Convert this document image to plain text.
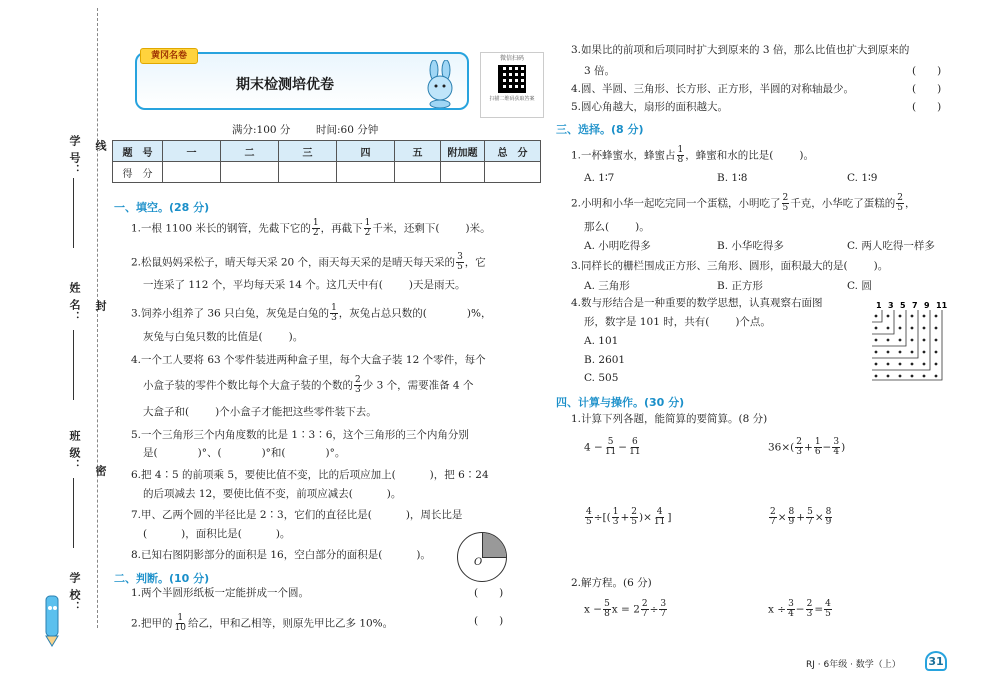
线
封
密
学 号：
姓 名：
班 级：
学 校：
黄冈名卷
期末检测培优卷
微信扫码
扫描二维码获取答案
满分:100 分 时间:60 分钟
题　号	一	二	三	四	五	附加题	总　分
得　分							
一、填空。(28 分)
1.一根 1100 米长的钢管，先截下它的 $\frac{1}{2}$ ，再截下 $\frac{1}{2}$ 千米，还剩下( )米。
2.松鼠妈妈采松子，晴天每天采 20 个，雨天每天采的是晴天每天采的 $\frac{3}{5}$ ，它
一连采了 112 个，平均每天采 14 个。这几天中有( )天是雨天。
3.饲养小组养了 36 只白兔，灰兔是白兔的 $\frac{1}{3}$ ，灰兔占总只数的(	)%，
灰兔与白兔只数的比值是( )。
4.一个工人要将 63 个零件装进两种盒子里，每个大盒子装 12 个零件，每个
小盒子装的零件个数比每个大盒子装的个数的 $\frac{2}{3}$ 少 3 个，需要准备 4 个
大盒子和( )个小盒子才能把这些零件装下去。
5.一个三角形三个内角度数的比是 1∶3∶6，这个三角形的三个内角分别
是(	)°、(	)°和(	)°。
6.把 4∶5 的前项乘 5，要使比值不变，比的后项应加上(	)，把 6∶24
的后项减去 12，要使比值不变，前项应减去(	)。
7.甲、乙两个圆的半径比是 2∶3，它们的直径比是(	)，周长比是
(	)，面积比是(	)。
8.已知右图阴影部分的面积是 16，空白部分的面积是(	)。
O
二、判断。(10 分)
1.两个半圆形纸板一定能拼成一个圆。	(　　)
2.把甲的 $\frac{1}{10}$ 给乙，甲和乙相等，则原先甲比乙多 10%。	(　　)
3.如果比的前项和后项同时扩大到原来的 3 倍，那么比值也扩大到原来的
3 倍。	(　　)
4.圆、半圆、三角形、长方形、正方形，半圆的对称轴最少。	(　　)
5.圆心角越大，扇形的面积越大。	(　　)
三、选择。(8 分)
1.一杯蜂蜜水，蜂蜜占 $\frac{1}{8}$ ，蜂蜜和水的比是( )。
A. 1∶7	B. 1∶8	C. 1∶9
2.小明和小华一起吃完同一个蛋糕，小明吃了 $\frac{2}{5}$ 千克，小华吃了蛋糕的 $\frac{2}{5}$ ，
那么( )。
A. 小明吃得多	B. 小华吃得多	C. 两人吃得一样多
3.同样长的栅栏围成正方形、三角形、圆形，面积最大的是( )。
A. 三角形	B. 正方形	C. 圆
4.数与形结合是一种重要的数学思想，认真观察右面图
形，数字是 101 时，共有( )个点。
A. 101
B. 2601
C. 505
1 3 5 7 9 11
四、计算与操作。(30 分)
1.计算下列各题，能简算的要简算。(8 分)
$4 - \frac{5}{11} - \frac{6}{11}$	$36\times( \frac{2}{3} + \frac{1}{6} - \frac{3}{4}$ )
$\frac{4}{5}$ ÷[( $\frac{1}{3} + \frac{2}{5}$ )× $\frac{4}{11}$ ]	$\frac{2}{7} \times \frac{8}{9} + \frac{5}{7} \times \frac{8}{9}$
2.解方程。(6 分)
$x - \frac{5}{8}$ $x = 2 \frac{2}{7} \div \frac{3}{7}$	$x \div \frac{3}{4} - \frac{2}{3} = \frac{4}{5}$
RJ · 6年级 · 数学（上）	31
